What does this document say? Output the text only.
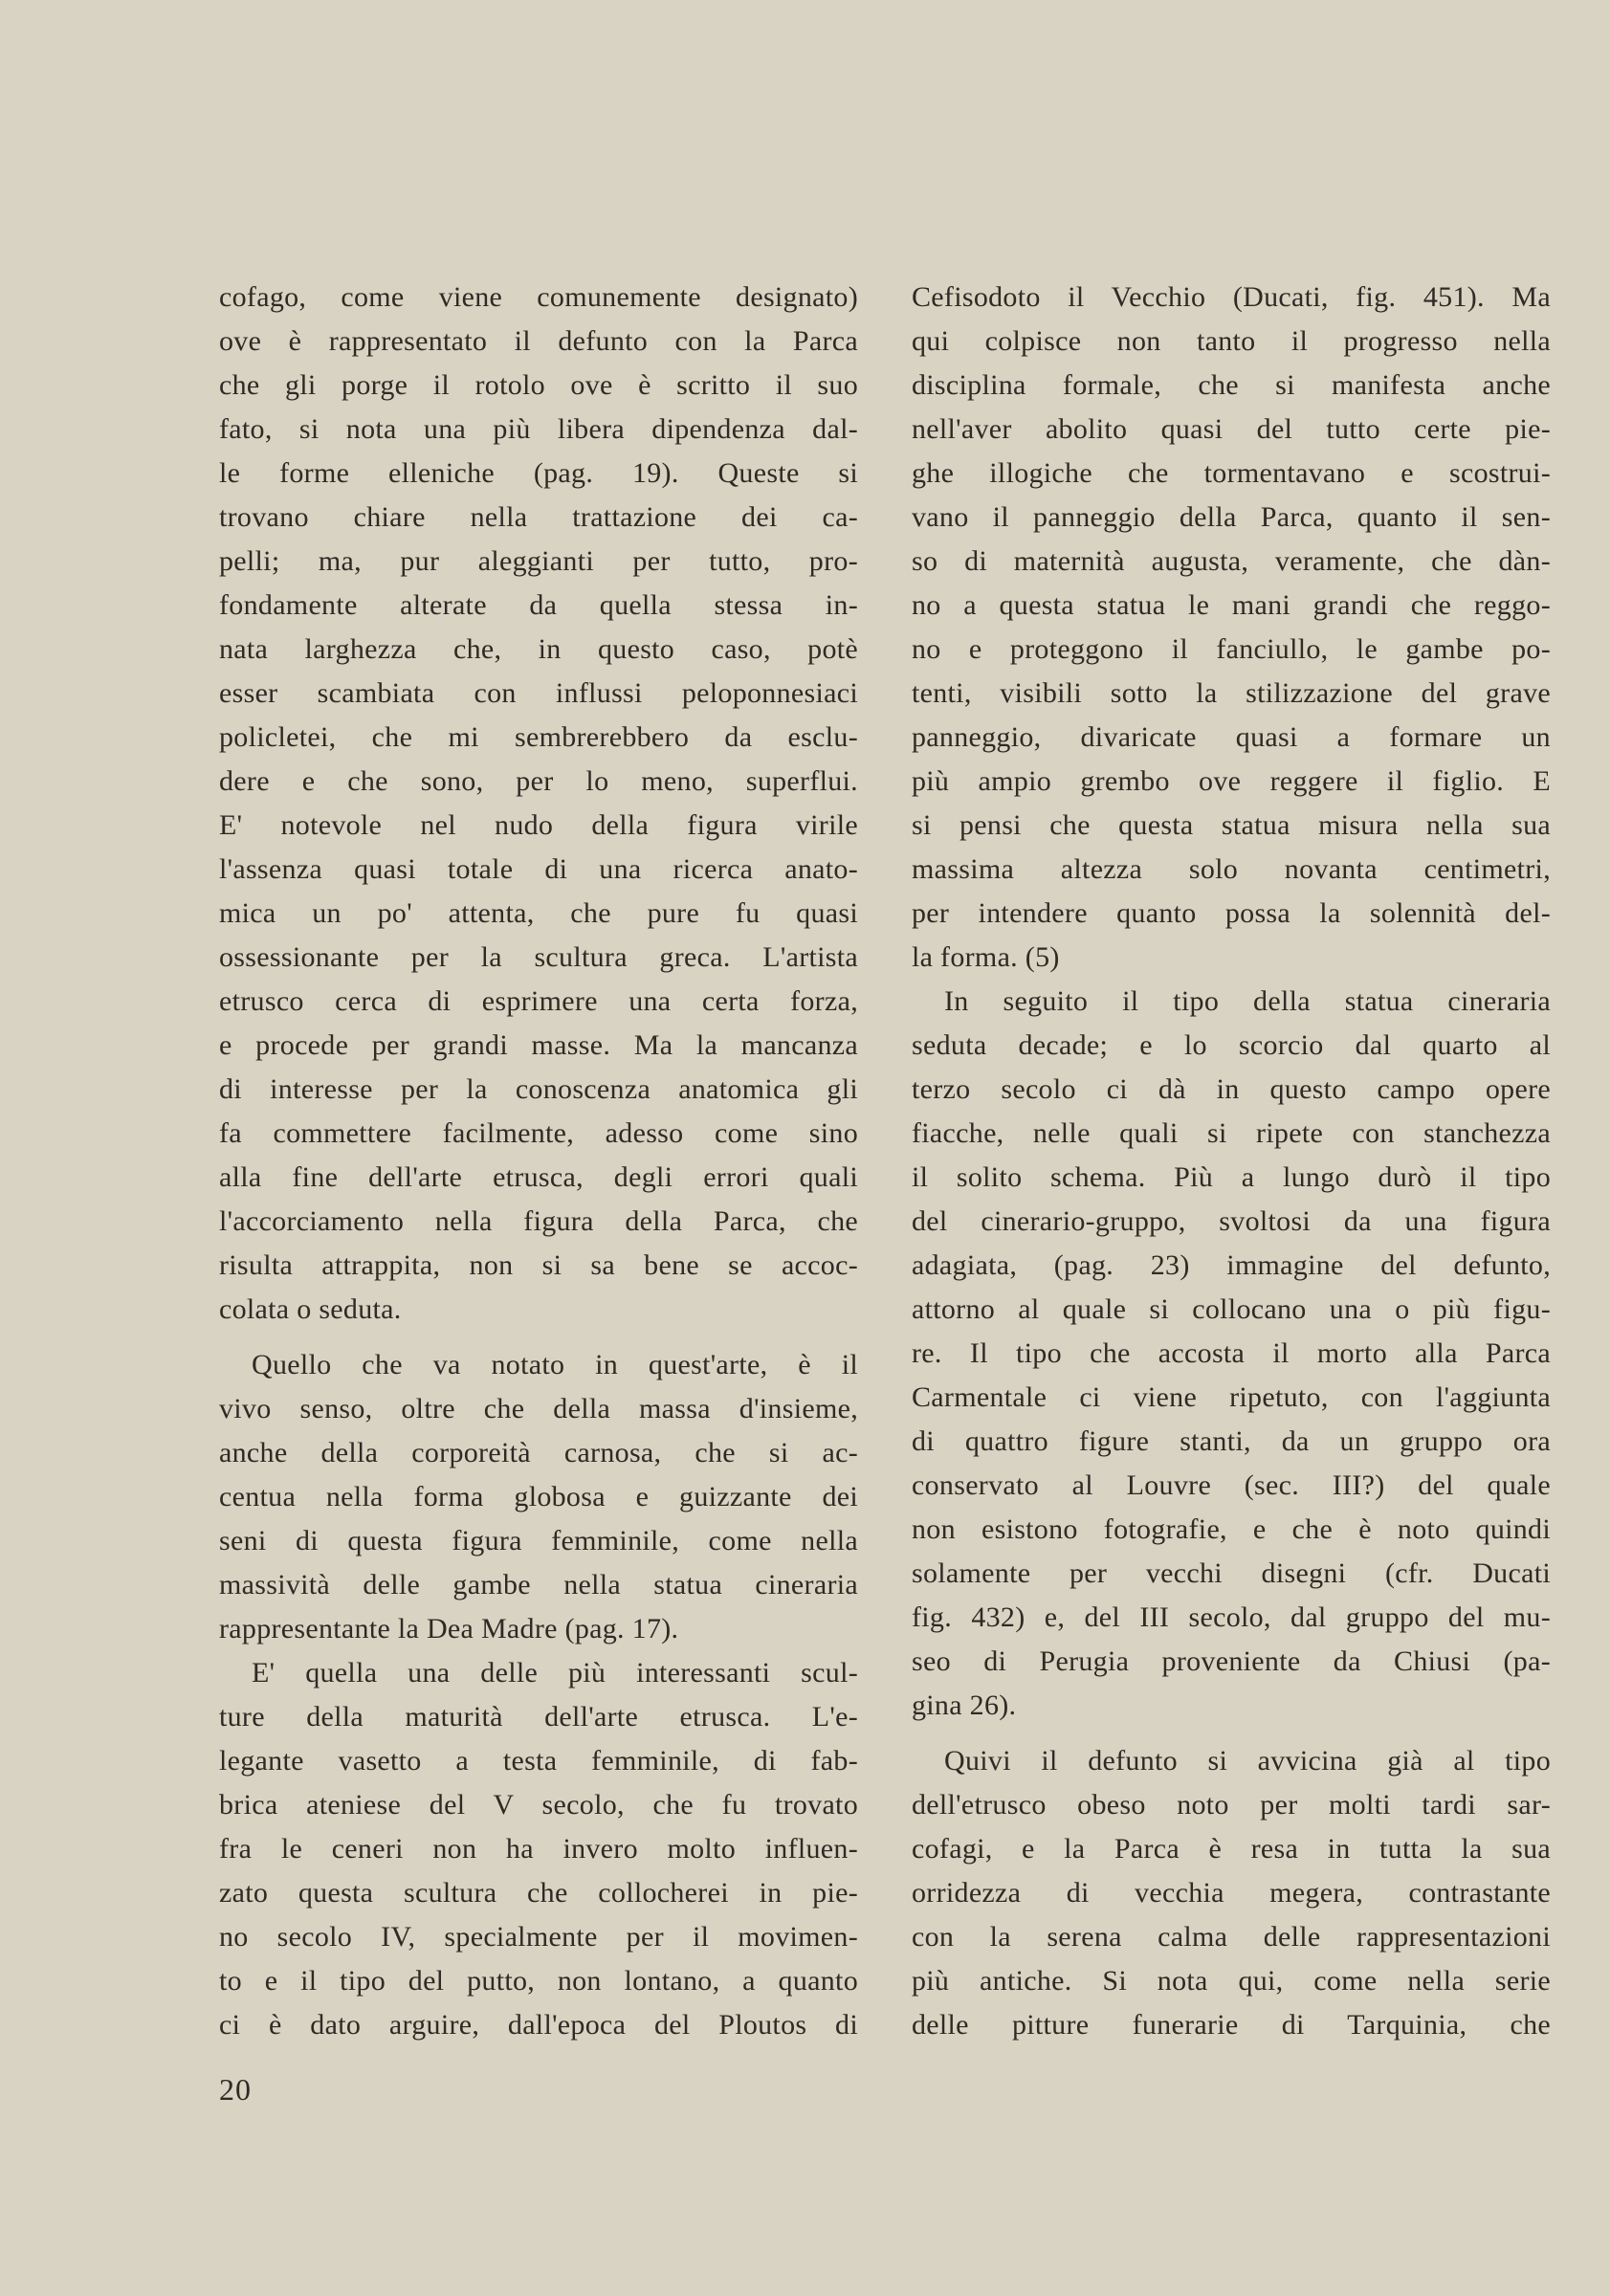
cofago, come viene comunemente designato)
ove è rappresentato il defunto con la Parca
che gli porge il rotolo ove è scritto il suo
fato, si nota una più libera dipendenza dal-
le forme elleniche (pag. 19). Queste si
trovano chiare nella trattazione dei ca-
pelli; ma, pur aleggianti per tutto, pro-
fondamente alterate da quella stessa in-
nata larghezza che, in questo caso, potè
esser scambiata con influssi peloponnesiaci
policletei, che mi sembrerebbero da esclu-
dere e che sono, per lo meno, superflui.
E' notevole nel nudo della figura virile
l'assenza quasi totale di una ricerca anato-
mica un po' attenta, che pure fu quasi
ossessionante per la scultura greca. L'artista
etrusco cerca di esprimere una certa forza,
e procede per grandi masse. Ma la mancanza
di interesse per la conoscenza anatomica gli
fa commettere facilmente, adesso come sino
alla fine dell'arte etrusca, degli errori quali
l'accorciamento nella figura della Parca, che
risulta attrappita, non si sa bene se accoc-
colata o seduta.
Quello che va notato in quest'arte, è il
vivo senso, oltre che della massa d'insieme,
anche della corporeità carnosa, che si ac-
centua nella forma globosa e guizzante dei
seni di questa figura femminile, come nella
massività delle gambe nella statua cineraria
rappresentante la Dea Madre (pag. 17).
E' quella una delle più interessanti scul-
ture della maturità dell'arte etrusca. L'e-
legante vasetto a testa femminile, di fab-
brica ateniese del V secolo, che fu trovato
fra le ceneri non ha invero molto influen-
zato questa scultura che collocherei in pie-
no secolo IV, specialmente per il movimen-
to e il tipo del putto, non lontano, a quanto
ci è dato arguire, dall'epoca del Ploutos di
Cefisodoto il Vecchio (Ducati, fig. 451). Ma
qui colpisce non tanto il progresso nella
disciplina formale, che si manifesta anche
nell'aver abolito quasi del tutto certe pie-
ghe illogiche che tormentavano e scostrui-
vano il panneggio della Parca, quanto il sen-
so di maternità augusta, veramente, che dàn-
no a questa statua le mani grandi che reggo-
no e proteggono il fanciullo, le gambe po-
tenti, visibili sotto la stilizzazione del grave
panneggio, divaricate quasi a formare un
più ampio grembo ove reggere il figlio. E
si pensi che questa statua misura nella sua
massima altezza solo novanta centimetri,
per intendere quanto possa la solennità del-
la forma. (5)
In seguito il tipo della statua cineraria
seduta decade; e lo scorcio dal quarto al
terzo secolo ci dà in questo campo opere
fiacche, nelle quali si ripete con stanchezza
il solito schema. Più a lungo durò il tipo
del cinerario-gruppo, svoltosi da una figura
adagiata, (pag. 23) immagine del defunto,
attorno al quale si collocano una o più figu-
re. Il tipo che accosta il morto alla Parca
Carmentale ci viene ripetuto, con l'aggiunta
di quattro figure stanti, da un gruppo ora
conservato al Louvre (sec. III?) del quale
non esistono fotografie, e che è noto quindi
solamente per vecchi disegni (cfr. Ducati
fig. 432) e, del III secolo, dal gruppo del mu-
seo di Perugia proveniente da Chiusi (pa-
gina 26).
Quivi il defunto si avvicina già al tipo
dell'etrusco obeso noto per molti tardi sar-
cofagi, e la Parca è resa in tutta la sua
orridezza di vecchia megera, contrastante
con la serena calma delle rappresentazioni
più antiche. Si nota qui, come nella serie
delle pitture funerarie di Tarquinia, che
20
